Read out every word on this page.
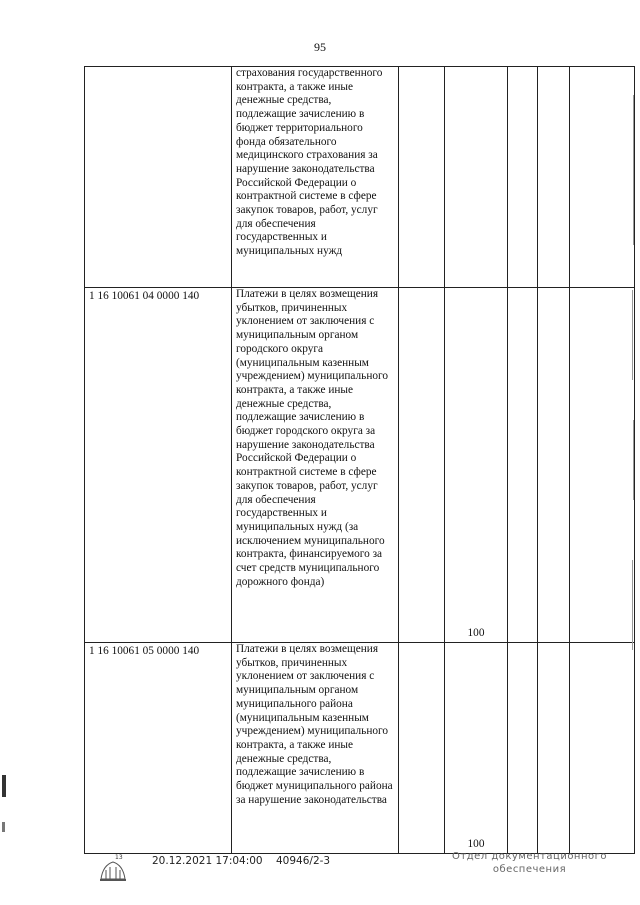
95
	страхования государственного контракта, а также иные денежные средства, подлежащие зачислению в бюджет территориального фонда обязательного медицинского страхования за нарушение законодательства Российской Федерации о контрактной системе в сфере закупок товаров, работ, услуг для обеспечения государственных и муниципальных нужд					
1 16 10061 04 0000 140	Платежи в целях возмещения убытков, причиненных уклонением от заключения с муниципальным органом городского округа (муниципальным казенным учреждением) муниципального контракта, а также иные денежные средства, подлежащие зачислению в бюджет городского округа за нарушение законодательства Российской Федерации о контрактной системе в сфере закупок товаров, работ, услуг для обеспечения государственных и муниципальных нужд (за исключением муниципального контракта, финансируемого за счет средств муниципального дорожного фонда)		100			
1 16 10061 05 0000 140	Платежи в целях возмещения убытков, причиненных уклонением от заключения с муниципальным органом муниципального района (муниципальным казенным учреждением) муниципального контракта, а также иные денежные средства, подлежащие зачислению в бюджет муниципального района за нарушение законодательства		100			
13	20.12.2021 17:04:00 40946/2-3	Отдел документационного
обеспечения
